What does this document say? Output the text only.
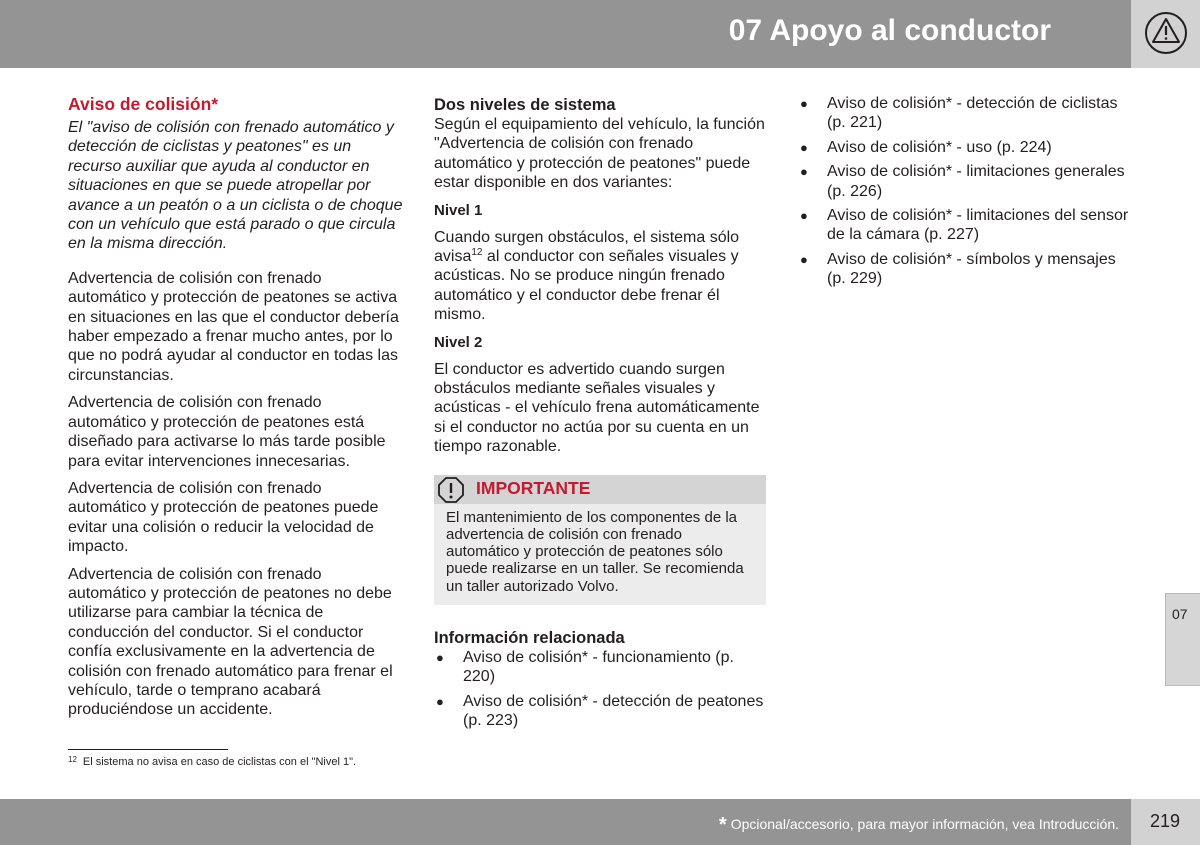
07 Apoyo al conductor
Aviso de colisión*

El "aviso de colisión con frenado automático y detección de ciclistas y peatones" es un recurso auxiliar que ayuda al conductor en situaciones en que se puede atropellar por avance a un peatón o a un ciclista o de choque con un vehículo que está parado o que circula en la misma dirección.

Advertencia de colisión con frenado automático y protección de peatones se activa en situaciones en las que el conductor debería haber empezado a frenar mucho antes, por lo que no podrá ayudar al conductor en todas las circunstancias.

Advertencia de colisión con frenado automático y protección de peatones está diseñado para activarse lo más tarde posible para evitar intervenciones innecesarias.

Advertencia de colisión con frenado automático y protección de peatones puede evitar una colisión o reducir la velocidad de impacto.

Advertencia de colisión con frenado automático y protección de peatones no debe utilizarse para cambiar la técnica de conducción del conductor. Si el conductor confía exclusivamente en la advertencia de colisión con frenado automático para frenar el vehículo, tarde o temprano acabará produciéndose un accidente.

Dos niveles de sistema

Según el equipamiento del vehículo, la función "Advertencia de colisión con frenado automático y protección de peatones" puede estar disponible en dos variantes:

Nivel 1

Cuando surgen obstáculos, el sistema sólo avisa$^{12}$ al conductor con señales visuales y acústicas. No se produce ningún frenado automático y el conductor debe frenar él mismo.

Nivel 2

El conductor es advertido cuando surgen obstáculos mediante señales visuales y acústicas - el vehículo frena automáticamente si el conductor no actúa por su cuenta en un tiempo razonable.

IMPORTANTE
El mantenimiento de los componentes de la advertencia de colisión con frenado automático y protección de peatones sólo puede realizarse en un taller. Se recomienda un taller autorizado Volvo.
Información relacionada
● Aviso de colisión* - funcionamiento (p. 220)
● Aviso de colisión* - detección de peatones (p. 223)
● Aviso de colisión* - detección de ciclistas (p. 221)
● Aviso de colisión* - uso (p. 224)
● Aviso de colisión* - limitaciones generales (p. 226)
● Aviso de colisión* - limitaciones del sensor de la cámara (p. 227)
● Aviso de colisión* - símbolos y mensajes (p. 229)
07
$^{12}$ El sistema no avisa en caso de ciclistas con el "Nivel 1".
* Opcional/accesorio, para mayor información, vea Introducción. 219
